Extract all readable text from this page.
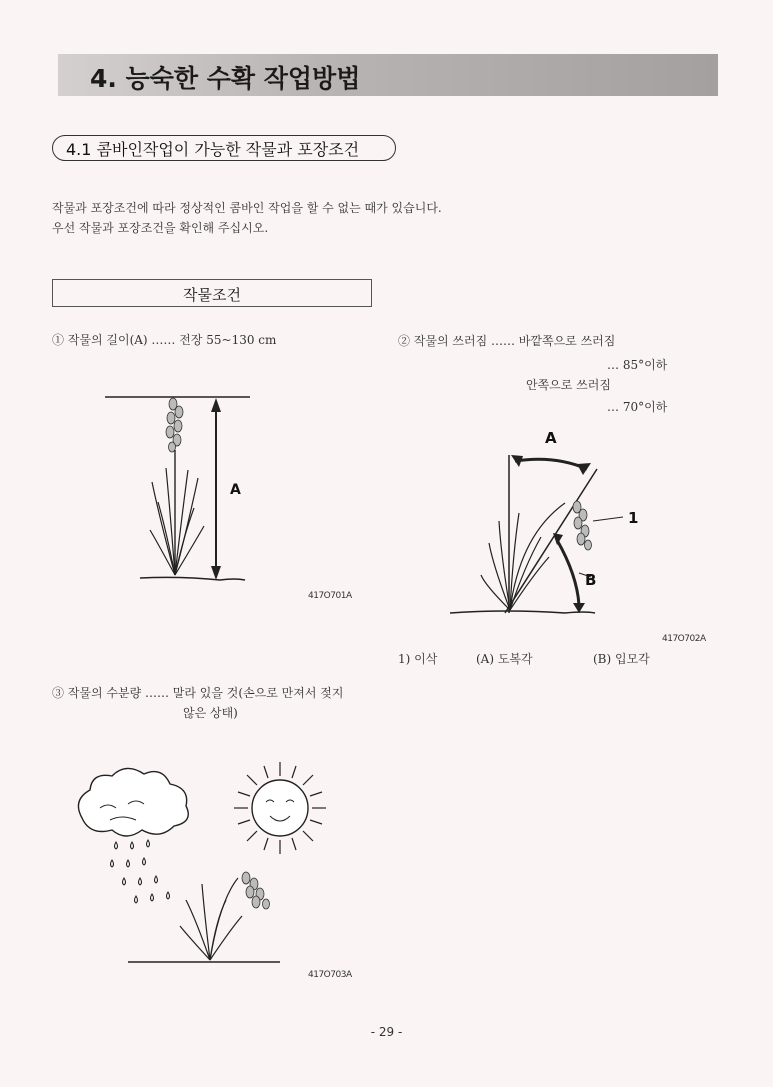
4. 능숙한 수확 작업방법
4.1 콤바인작업이 가능한 작물과 포장조건
작물과 포장조건에 따라 정상적인 콤바인 작업을 할 수 없는 때가 있습니다.
우선 작물과 포장조건을 확인해 주십시오.
작물조건
① 작물의 길이(A) …… 전장 55~130 cm
A
417O701A
② 작물의 쓰러짐 …… 바깥쪽으로 쓰러짐
… 85°이하
안쪽으로 쓰러짐
… 70°이하
A
B
1
417O702A
1) 이삭	(A) 도복각	(B) 입모각
③ 작물의 수분량 …… 말라 있을 것(손으로 만져서 젖지
않은 상태)
417O703A
- 29 -
